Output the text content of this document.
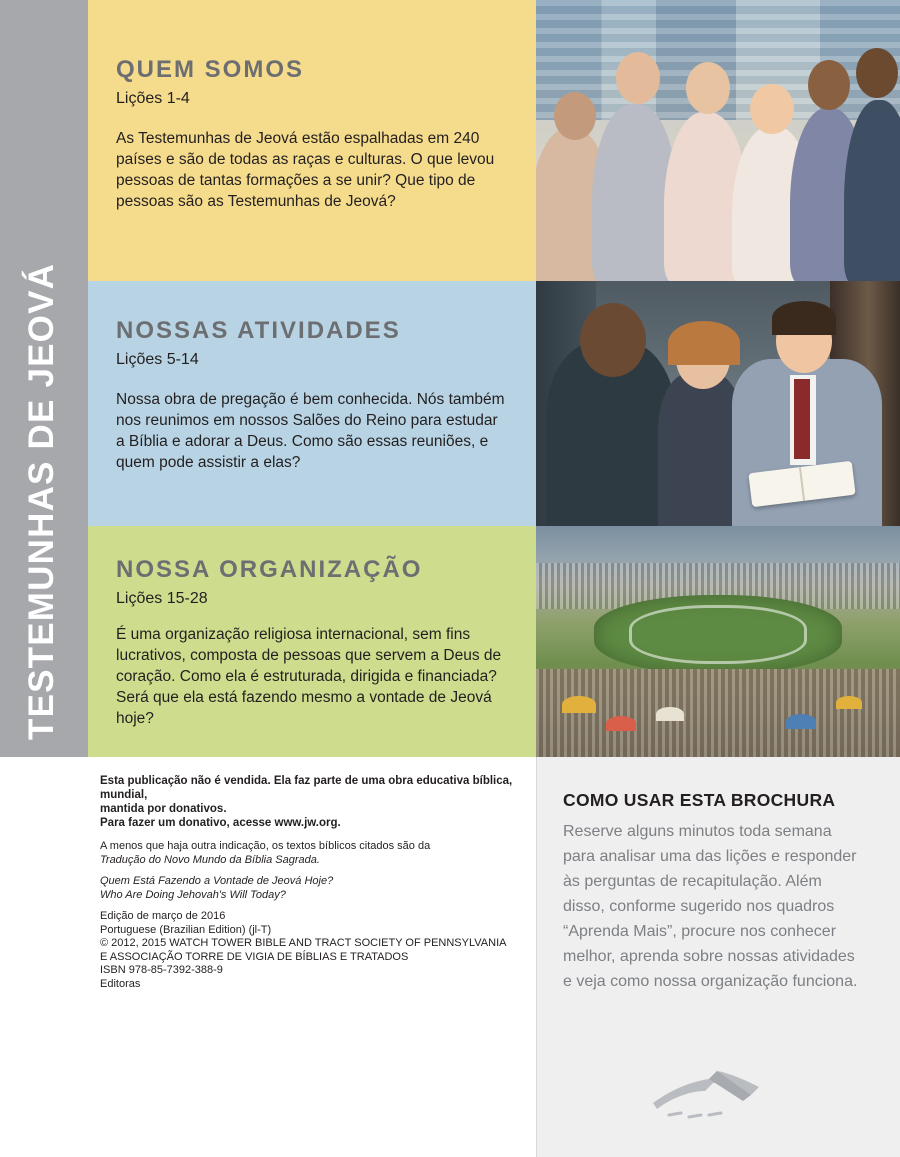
TESTEMUNHAS DE JEOVÁ
QUEM SOMOS

Lições 1-4

As Testemunhas de Jeová estão espalhadas em 240 países e são de todas as raças e culturas. O que levou pessoas de tantas formações a se unir? Que tipo de pessoas são as Testemunhas de Jeová?

NOSSAS ATIVIDADES

Lições 5-14

Nossa obra de pregação é bem conhecida. Nós também nos reunimos em nossos Salões do Reino para estudar a Bíblia e adorar a Deus. Como são essas reuniões, e quem pode assistir a elas?

NOSSA ORGANIZAÇÃO

Lições 15-28

É uma organização religiosa internacional, sem fins lucrativos, composta de pessoas que servem a Deus de coração. Como ela é estruturada, dirigida e financiada? Será que ela está fazendo mesmo a vontade de Jeová hoje?

Esta publicação não é vendida. Ela faz parte de uma obra educativa bíblica, mundial,
mantida por donativos.
Para fazer um donativo, acesse www.jw.org.

A menos que haja outra indicação, os textos bíblicos citados são da
Tradução do Novo Mundo da Bíblia Sagrada.

Quem Está Fazendo a Vontade de Jeová Hoje?
Who Are Doing Jehovah's Will Today?

Edição de março de 2016
Portuguese (Brazilian Edition) (jl-T)
© 2012, 2015 WATCH TOWER BIBLE AND TRACT SOCIETY OF PENNSYLVANIA
E ASSOCIAÇÃO TORRE DE VIGIA DE BÍBLIAS E TRATADOS
ISBN 978-85-7392-388-9
Editoras

COMO USAR ESTA BROCHURA
Reserve alguns minutos toda semana para analisar uma das lições e responder às perguntas de recapitulação. Além disso, conforme sugerido nos quadros “Aprenda Mais”, procure nos conhecer melhor, aprenda sobre nossas atividades e veja como nossa organização funciona.
